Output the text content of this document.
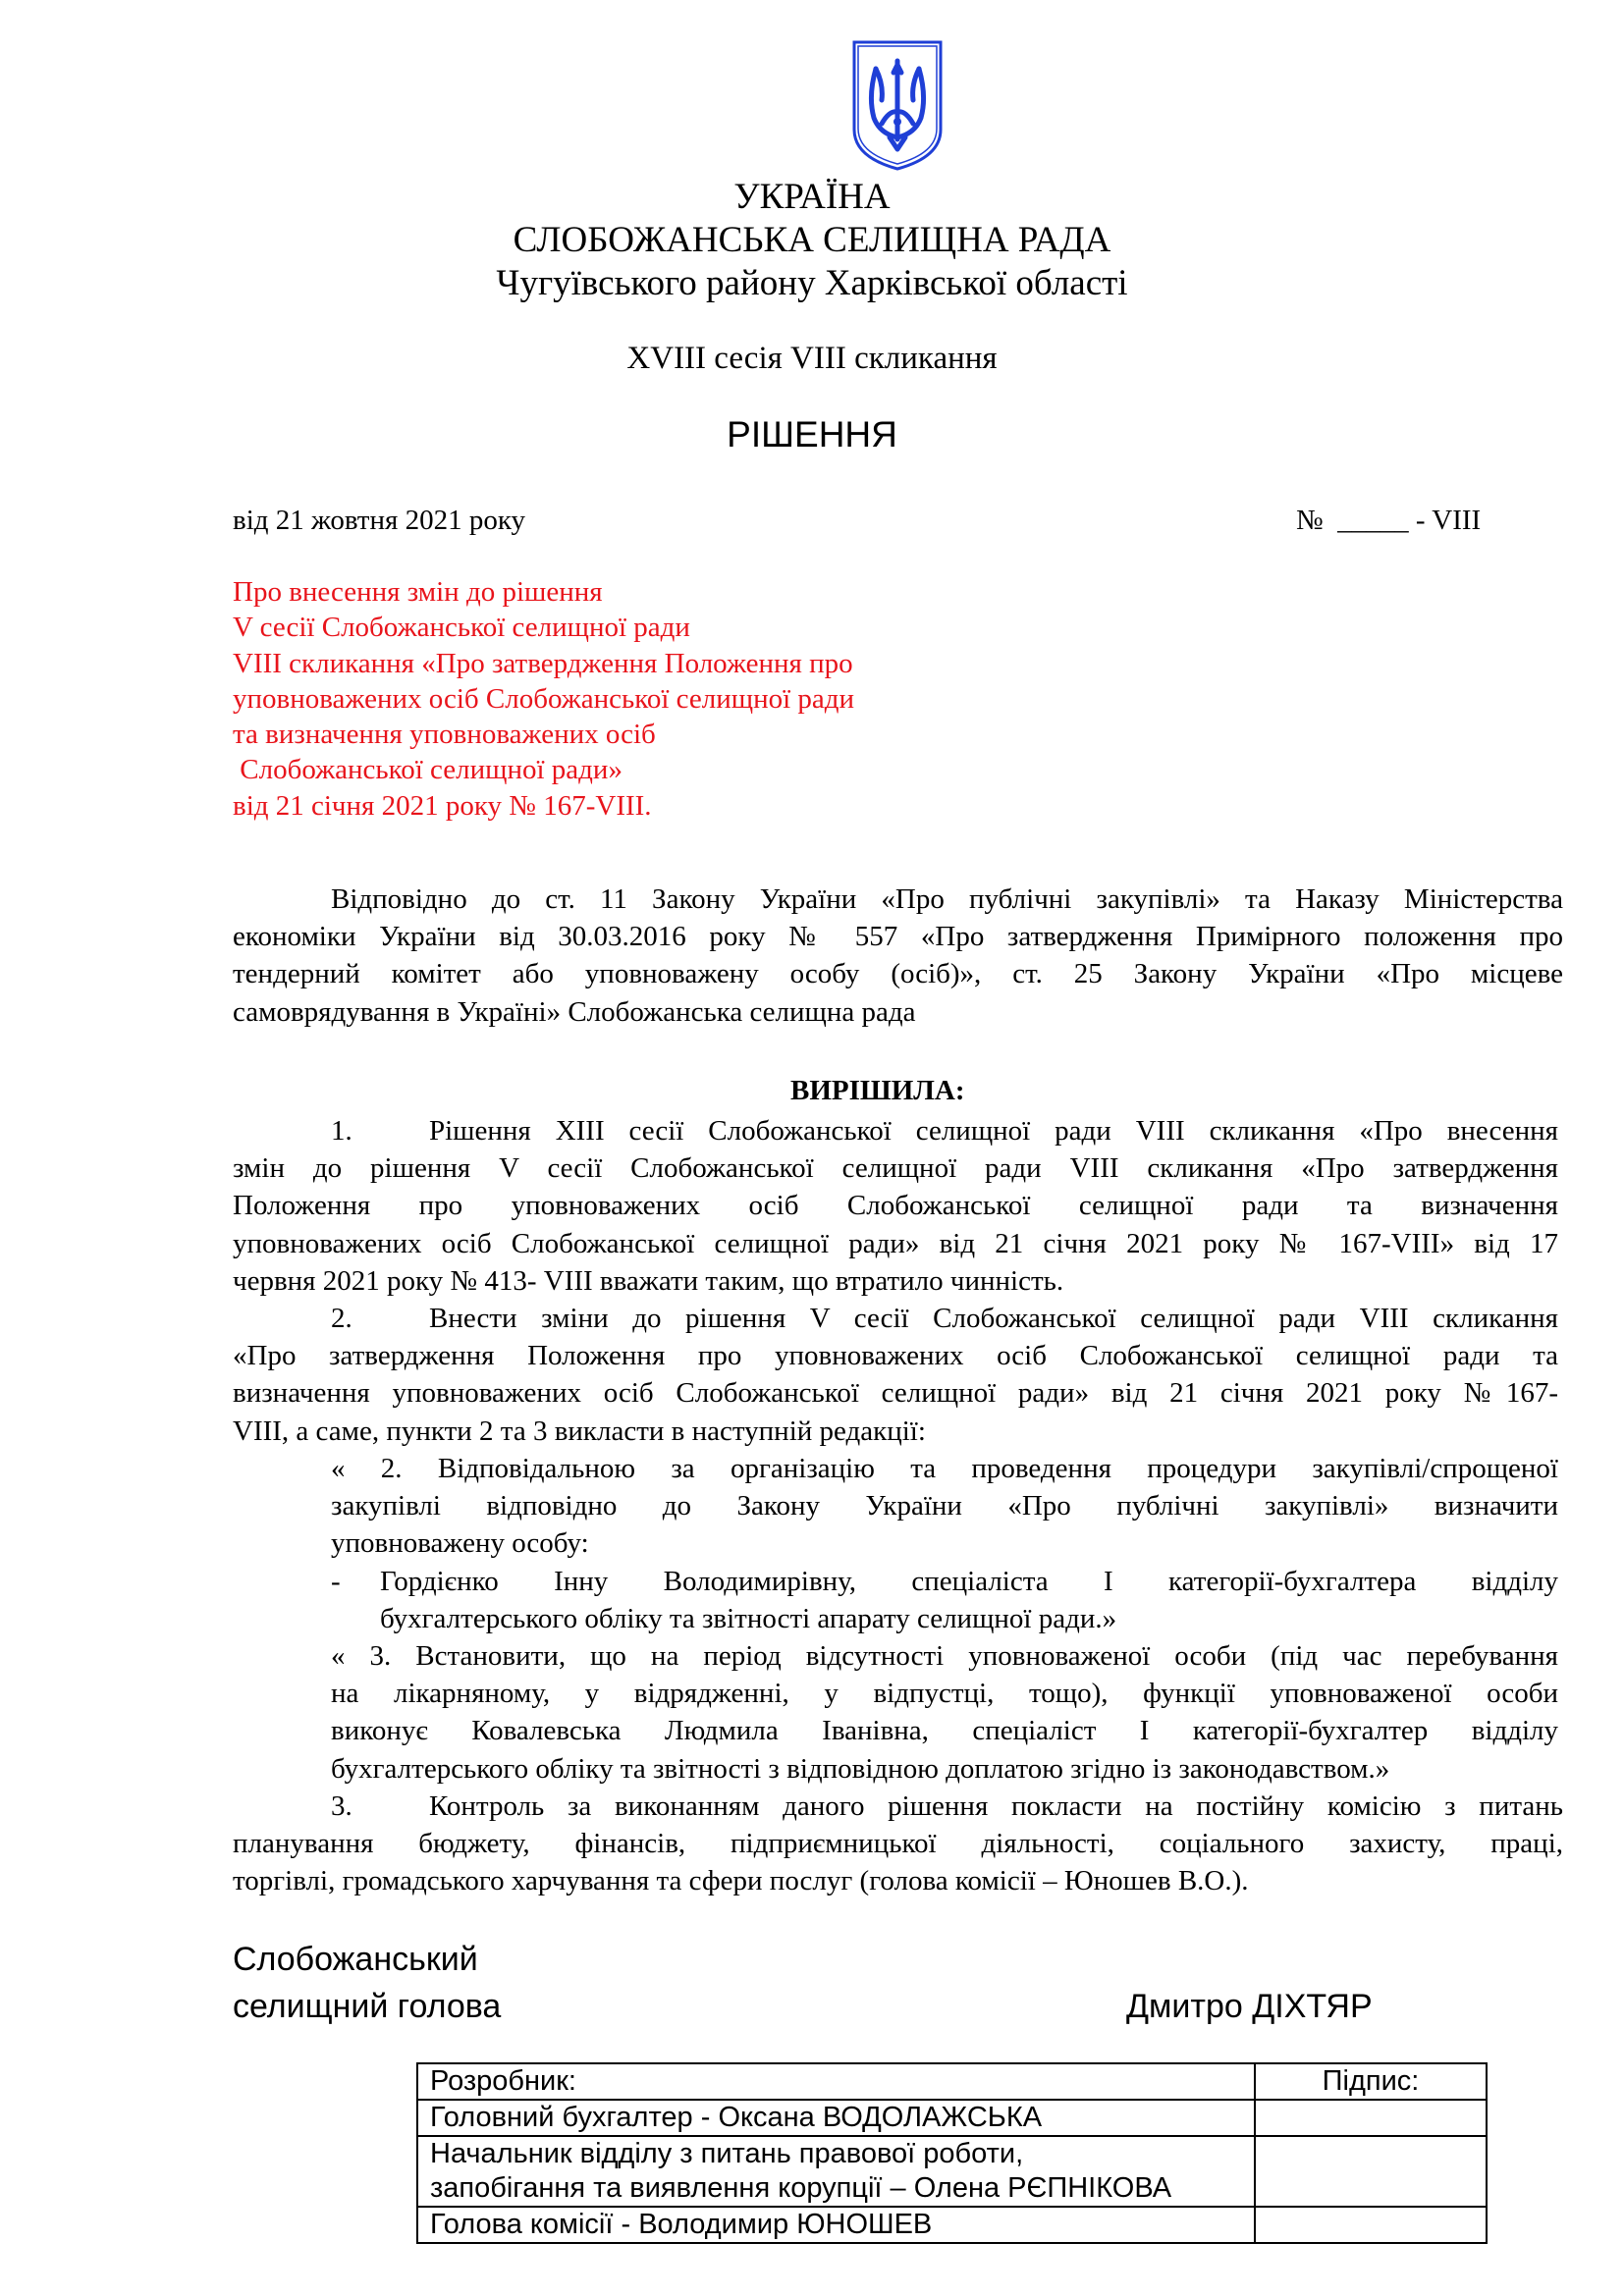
УКРАЇНА
СЛОБОЖАНСЬКА СЕЛИЩНА РАДА
Чугуївського району Харківської області
XVIII сесія VIII скликання
РІШЕННЯ
від 21 жовтня 2021 року	№  _____ - VIII
Про внесення змін до рішення
V сесії Слобожанської селищної ради
VIII скликання «Про затвердження Положення про
уповноважених осіб Слобожанської селищної ради
та визначення уповноважених осіб
Слобожанської селищної ради»
від 21 січня 2021 року № 167-VIII.
Відповідно до ст. 11 Закону України «Про публічні закупівлі» та Наказу Міністерства
економіки України від 30.03.2016 року № 557 «Про затвердження Примірного положення про
тендерний комітет або уповноважену особу (осіб)», ст. 25 Закону України «Про місцеве
самоврядування в Україні» Слобожанська селищна рада
ВИРІШИЛА:
1.	Рішення XIII сесії Слобожанської селищної ради VIII скликання «Про внесення
змін до рішення V сесії Слобожанської селищної ради VIII скликання «Про затвердження
Положення про уповноважених осіб Слобожанської селищної ради та визначення
уповноважених осіб Слобожанської селищної ради» від 21 січня 2021 року № 167-VIII» від 17
червня 2021 року № 413- VIII вважати таким, що втратило чинність.
2.	Внести зміни до рішення V сесії Слобожанської селищної ради VIII скликання
«Про затвердження Положення про уповноважених осіб Слобожанської селищної ради та
визначення уповноважених осіб Слобожанської селищної ради» від 21 січня 2021 року №167-
VIII, а саме, пункти 2 та 3 викласти в наступній редакції:
« 2. Відповідальною за організацію та проведення процедури закупівлі/спрощеної
закупівлі відповідно до Закону України «Про публічні закупівлі» визначити
уповноважену особу:
- Гордієнко Інну Володимирівну, спеціаліста І категорії-бухгалтера відділу
бухгалтерського обліку та звітності апарату селищної ради.»
« 3. Встановити, що на період відсутності уповноваженої особи (під час перебування
на лікарняному, у відрядженні, у відпустці, тощо), функції уповноваженої особи
виконує Ковалевська Людмила Іванівна, спеціаліст І категорії-бухгалтер відділу
бухгалтерського обліку та звітності з відповідною доплатою згідно із законодавством.»
3.	Контроль за виконанням даного рішення покласти на постійну комісію з питань
планування бюджету, фінансів, підприємницької діяльності, соціального захисту, праці,
торгівлі, громадського харчування та сфери послуг (голова комісії – Юношев В.О.).
Слобожанський
селищний голова	Дмитро ДІХТЯР
Розробник:	Підпис:
Головний бухгалтер - Оксана ВОДОЛАЖСЬКА	

Начальник відділу з питань правової роботи,
запобігання та виявлення корупції – Олена РЄПНІКОВА	

Голова комісії - Володимир ЮНОШЕВ	
